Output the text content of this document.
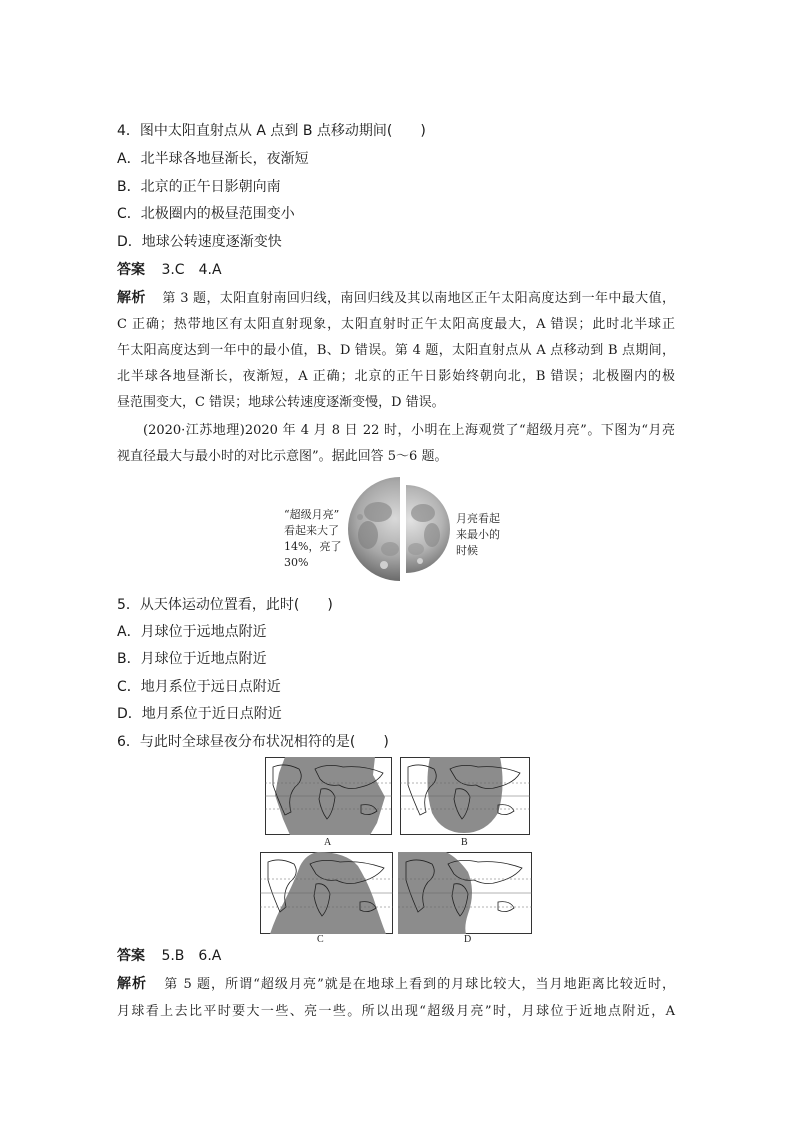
4．图中太阳直射点从 A 点到 B 点移动期间(　　)
A．北半球各地昼渐长，夜渐短
B．北京的正午日影朝向南
C．北极圈内的极昼范围变小
D．地球公转速度逐渐变快
答案 3.C　4.A
解析 第 3 题，太阳直射南回归线，南回归线及其以南地区正午太阳高度达到一年中最大值，
C 正确；热带地区有太阳直射现象，太阳直射时正午太阳高度最大，A 错误；此时北半球正
午太阳高度达到一年中的最小值，B、D 错误。第 4 题，太阳直射点从 A 点移动到 B 点期间，
北半球各地昼渐长，夜渐短，A 正确；北京的正午日影始终朝向北，B 错误；北极圈内的极
昼范围变大，C 错误；地球公转速度逐渐变慢，D 错误。
(2020·江苏地理)2020 年 4 月 8 日 22 时，小明在上海观赏了“超级月亮”。下图为“月亮
视直径最大与最小时的对比示意图”。据此回答 5～6 题。
“超级月亮”
看起来大了
14%，亮了
30%
月亮看起
来最小的
时候
5．从天体运动位置看，此时(　　)
A．月球位于远地点附近
B．月球位于近地点附近
C．地月系位于远日点附近
D．地月系位于近日点附近
6．与此时全球昼夜分布状况相符的是(　　)
A	B
C	D
答案 5.B　6.A
解析 第 5 题，所谓“超级月亮”就是在地球上看到的月球比较大，当月地距离比较近时，
月球看上去比平时要大一些、亮一些。所以出现“超级月亮”时，月球位于近地点附近，A
